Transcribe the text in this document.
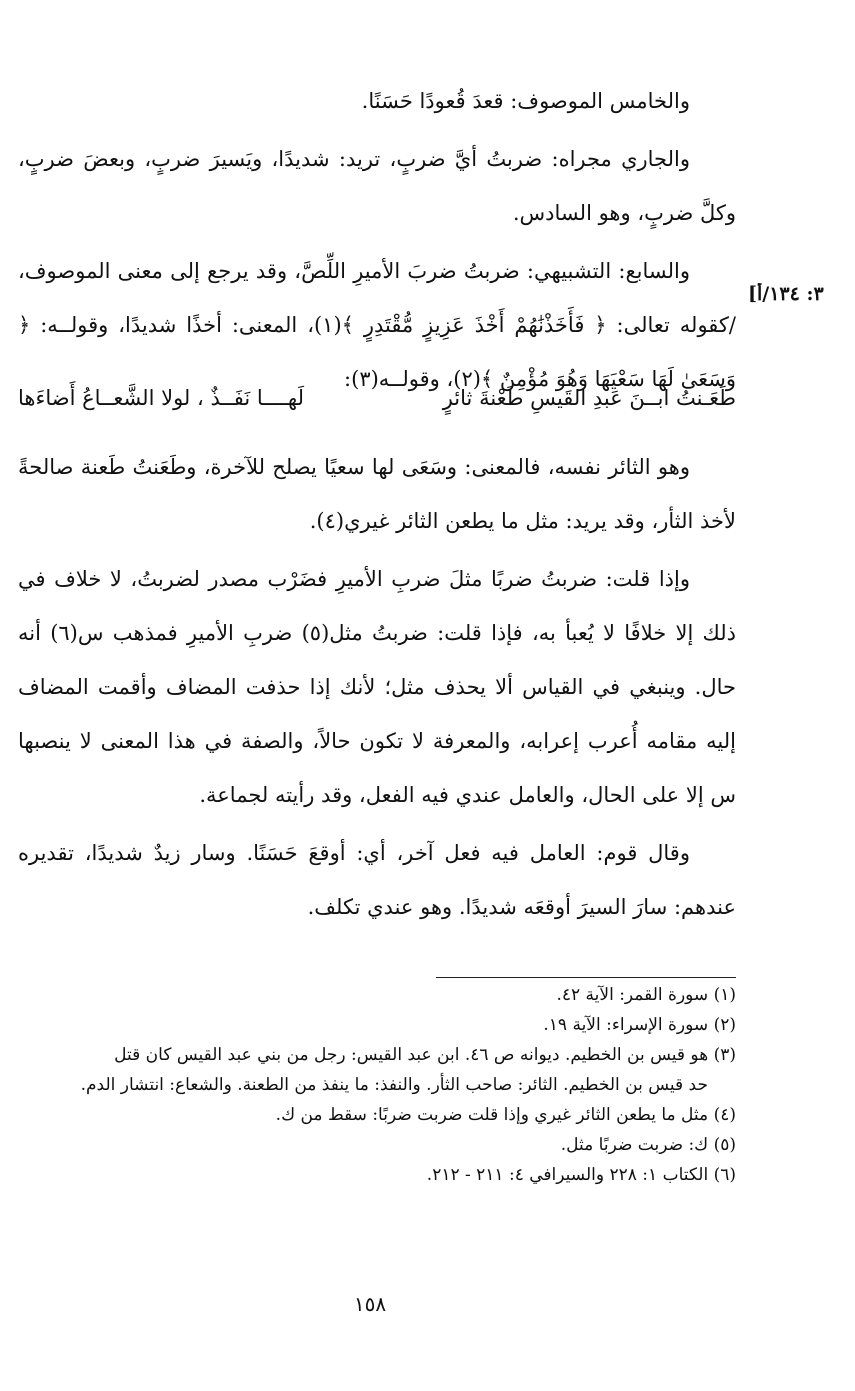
٣: ١٣٤/أ]

والخامس الموصوف: قعدَ قُعودًا حَسَنًا.

والجاري مجراه: ضربتُ أيَّ ضربٍ، تريد: شديدًا، ويَسيرَ ضربٍ، وبعضَ ضربٍ، وكلَّ ضربٍ، وهو السادس.

والسابع: التشبيهي: ضربتُ ضربَ الأميرِ اللِّصَّ، وقد يرجع إلى معنى الموصوف، /كقوله تعالى: ﴿ فَأَخَذْنَٰهُمْ أَخْذَ عَزِيزٍ مُّقْتَدِرٍ ﴾(١)، المعنى: أخذًا شديدًا، وقولــه: ﴿ وَسَعَىٰ لَهَا سَعْيَهَا وَهُوَ مُؤْمِنٌ ﴾(٢)، وقولــه(٣):

طَعَـنتُ ابــنَ عَبدِ القَيسِ طَعْنةَ ثائرٍ
لَهــــا نَفَــذٌ ، لولا الشَّعــاعُ أَضاءَها

وهو الثائر نفسه، فالمعنى: وسَعَى لها سعيًا يصلح للآخرة، وطَعَنتُ طَعنة صالحةً لأخذ الثأر، وقد يريد: مثل ما يطعن الثائر غيري(٤).

وإذا قلت: ضربتُ ضربًا مثلَ ضربِ الأميرِ فضَرْب مصدر لضربتُ، لا خلاف في ذلك إلا خلافًا لا يُعبأ به، فإذا قلت: ضربتُ مثل(٥) ضربِ الأميرِ فمذهب س(٦) أنه حال. وينبغي في القياس ألا يحذف مثل؛ لأنك إذا حذفت المضاف وأقمت المضاف إليه مقامه أُعرب إعرابه، والمعرفة لا تكون حالاً، والصفة في هذا المعنى لا ينصبها س إلا على الحال، والعامل عندي فيه الفعل، وقد رأيته لجماعة.

وقال قوم: العامل فيه فعل آخر، أي: أوقعَ حَسَنًا. وسار زيدٌ شديدًا، تقديره عندهم: سارَ السيرَ أوقعَه شديدًا. وهو عندي تكلف.

(١) سورة القمر: الآية ٤٢.
(٢) سورة الإسراء: الآية ١٩.
(٣) هو قيس بن الخطيم. ديوانه ص ٤٦. ابن عبد القيس: رجل من بني عبد القيس كان قتل
حد قيس بن الخطيم. الثائر: صاحب الثأر. والنفذ: ما ينفذ من الطعنة. والشعاع: انتشار الدم.
(٤) مثل ما يطعن الثائر غيري وإذا قلت ضربت ضربًا: سقط من ك.
(٥) ك: ضربت ضربًا مثل.
(٦) الكتاب ١: ٢٢٨ والسيرافي ٤: ٢١١ - ٢١٢.
١٥٨
